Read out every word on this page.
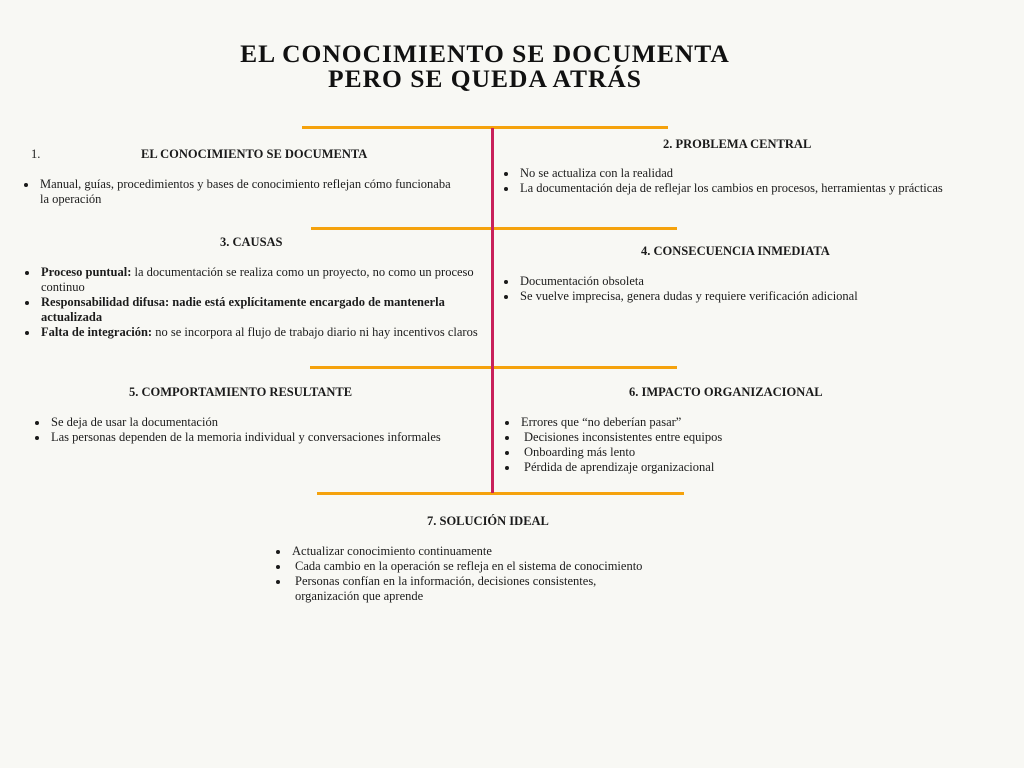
EL CONOCIMIENTO SE DOCUMENTA
PERO SE QUEDA ATRÁS
1.	EL CONOCIMIENTO SE DOCUMENTA
Manual, guías, procedimientos y bases de conocimiento reflejan cómo funcionaba la operación
2. PROBLEMA CENTRAL
No se actualiza con la realidad
La documentación deja de reflejar los cambios en procesos, herramientas y prácticas
3. CAUSAS
Proceso puntual: la documentación se realiza como un proyecto, no como un proceso continuo
Responsabilidad difusa: nadie está explícitamente encargado de mantenerla actualizada
Falta de integración: no se incorpora al flujo de trabajo diario ni hay incentivos claros
4. CONSECUENCIA INMEDIATA
Documentación obsoleta
Se vuelve imprecisa, genera dudas y requiere verificación adicional
5. COMPORTAMIENTO RESULTANTE
Se deja de usar la documentación
Las personas dependen de la memoria individual y conversaciones informales
6. IMPACTO ORGANIZACIONAL
Errores que “no deberían pasar”
Decisiones inconsistentes entre equipos
Onboarding más lento
Pérdida de aprendizaje organizacional
7. SOLUCIÓN IDEAL
Actualizar conocimiento continuamente
Cada cambio en la operación se refleja en el sistema de conocimiento
Personas confían en la información, decisiones consistentes, organización que aprende
